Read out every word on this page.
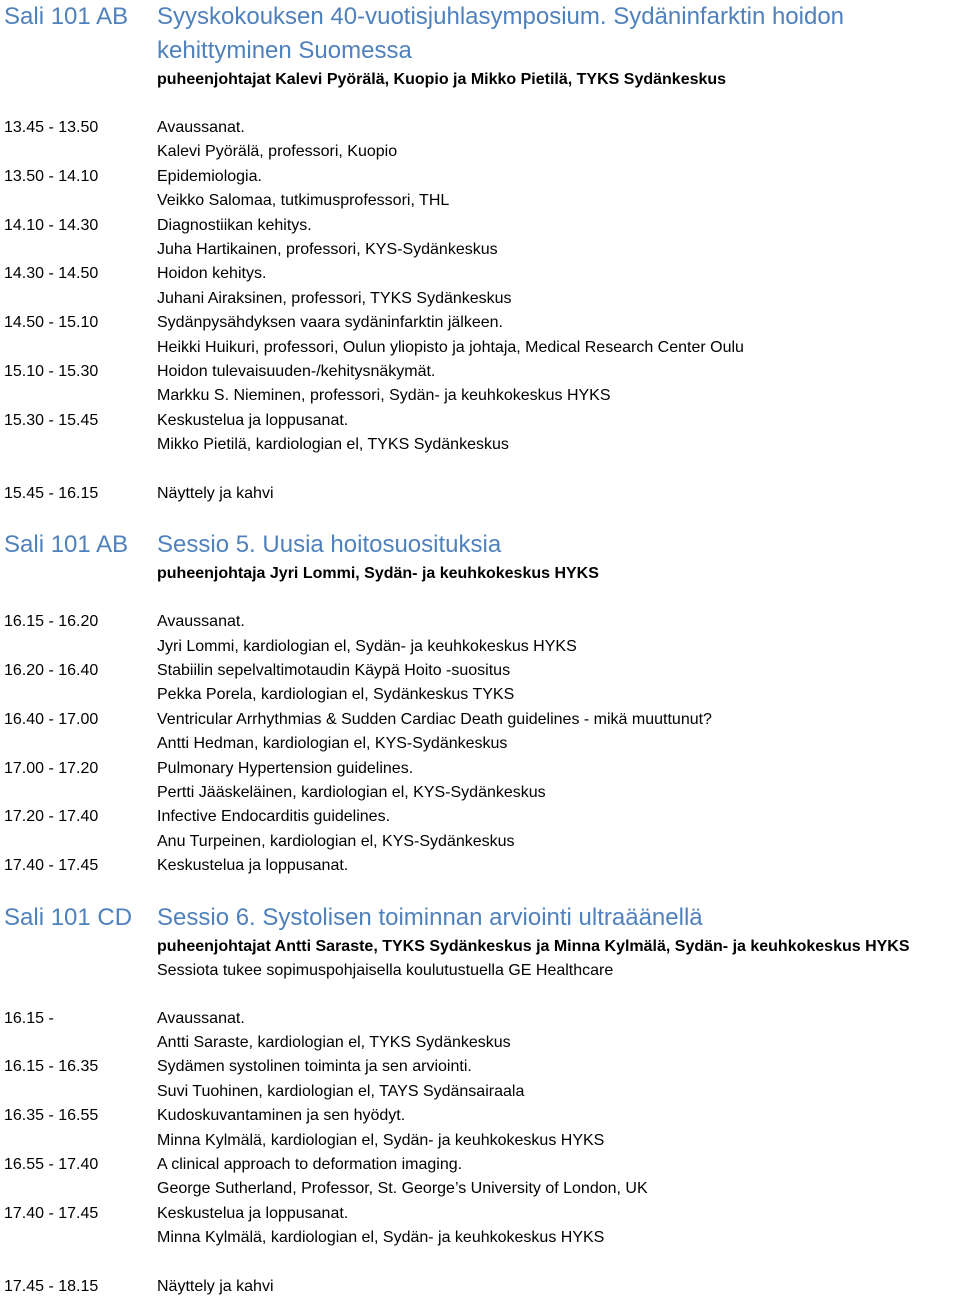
Sali 101 AB	Syyskokouksen 40-vuotisjuhlasymposium. Sydäninfarktin hoidon kehittyminen Suomessa
puheenjohtajat Kalevi Pyörälä, Kuopio ja Mikko Pietilä, TYKS Sydänkeskus
13.45 - 13.50	Avaussanat.
Kalevi Pyörälä, professori, Kuopio
13.50 - 14.10	Epidemiologia.
Veikko Salomaa, tutkimusprofessori, THL
14.10 - 14.30	Diagnostiikan kehitys.
Juha Hartikainen, professori, KYS-Sydänkeskus
14.30 - 14.50	Hoidon kehitys.
Juhani Airaksinen, professori, TYKS Sydänkeskus
14.50 - 15.10	Sydänpysähdyksen vaara sydäninfarktin jälkeen.
Heikki Huikuri, professori, Oulun yliopisto ja johtaja, Medical Research Center Oulu
15.10 - 15.30	Hoidon tulevaisuuden-/kehitysnäkymät.
Markku S. Nieminen, professori, Sydän- ja keuhkokeskus HYKS
15.30 - 15.45	Keskustelua ja loppusanat.
Mikko Pietilä, kardiologian el, TYKS Sydänkeskus
15.45 - 16.15	Näyttely ja kahvi
Sali 101 AB	Sessio 5. Uusia hoitosuosituksia
puheenjohtaja Jyri Lommi, Sydän- ja keuhkokeskus HYKS
16.15 - 16.20	Avaussanat.
Jyri Lommi, kardiologian el, Sydän- ja keuhkokeskus HYKS
16.20 - 16.40	Stabiilin sepelvaltimotaudin Käypä Hoito -suositus
Pekka Porela, kardiologian el, Sydänkeskus TYKS
16.40 - 17.00	Ventricular Arrhythmias & Sudden Cardiac Death guidelines - mikä muuttunut?
Antti Hedman, kardiologian el, KYS-Sydänkeskus
17.00 - 17.20	Pulmonary Hypertension guidelines.
Pertti Jääskeläinen, kardiologian el, KYS-Sydänkeskus
17.20 - 17.40	Infective Endocarditis guidelines.
Anu Turpeinen, kardiologian el, KYS-Sydänkeskus
17.40 - 17.45	Keskustelua ja loppusanat.
Sali 101 CD	Sessio 6. Systolisen toiminnan arviointi ultraäänellä
puheenjohtajat Antti Saraste, TYKS Sydänkeskus ja Minna Kylmälä, Sydän- ja keuhkokeskus HYKS
Sessiota tukee sopimuspohjaisella koulutustuella GE Healthcare
16.15 -	Avaussanat.
Antti Saraste, kardiologian el, TYKS Sydänkeskus
16.15 - 16.35	Sydämen systolinen toiminta ja sen arviointi.
Suvi Tuohinen, kardiologian el, TAYS Sydänsairaala
16.35 - 16.55	Kudoskuvantaminen ja sen hyödyt.
Minna Kylmälä, kardiologian el, Sydän- ja keuhkokeskus HYKS
16.55 - 17.40	A clinical approach to deformation imaging.
George Sutherland, Professor, St. George’s University of London, UK
17.40 - 17.45	Keskustelua ja loppusanat.
Minna Kylmälä, kardiologian el, Sydän- ja keuhkokeskus HYKS
17.45 - 18.15	Näyttely ja kahvi
